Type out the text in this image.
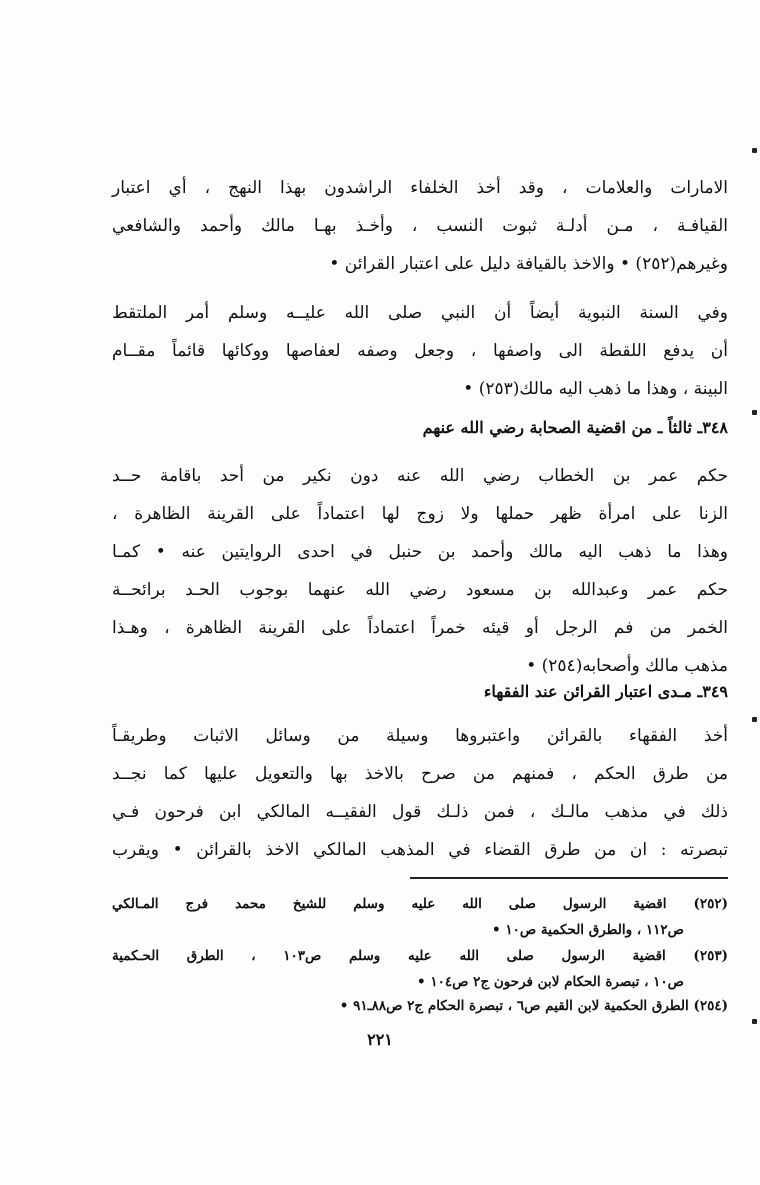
الامارات والعلامات ، وقد أخذ الخلفاء الراشدون بهذا النهج ، أي اعتبار
القيافـة ، مـن أدلـة ثبوت النسب ، وأخـذ بهـا مالك وأحمد والشافعي
وغيرهم(٢٥٢) • والاخذ بالقيافة دليل على اعتبار القرائن •
وفي السنة النبوية أيضاً أن النبي صلى الله عليــه وسلم أمر الملتقط
أن يدفع اللقطة الى واصفها ، وجعل وصفه لعفاصها ووكائها قائماً مقــام
البينة ، وهذا ما ذهب اليه مالك(٢٥٣) •
٣٤٨ـ ثالثاً ـ من اقضية الصحابة رضي الله عنهم
حكم عمر بن الخطاب رضي الله عنه دون نكير من أحد باقامة حــد
الزنا على امرأة ظهر حملها ولا زوج لها اعتماداً على القرينة الظاهرة ،
وهذا ما ذهب اليه مالك وأحمد بن حنبل في احدى الروايتين عنه • كمـا
حكم عمر وعبدالله بن مسعود رضي الله عنهما بوجوب الحـد برائحــة
الخمر من فم الرجل أو قيئه خمراً اعتماداً على القرينة الظاهرة ، وهـذا
مذهب مالك وأصحابه(٢٥٤) •
٣٤٩ـ مـدى اعتبار القرائن عند الفقهاء
أخذ الفقهاء بالقرائن واعتبروها وسيلة من وسائل الاثبات وطريقـاً
من طرق الحكم ، فمنهم من صرح بالاخذ بها والتعويل عليها كما نجــد
ذلك في مذهب مالـك ، فمن ذلـك قول الفقيــه المالكي ابن فرحون فـي
تبصرته : ان من طرق القضاء في المذهب المالكي الاخذ بالقرائن • ويقرب
(٢٥٢) اقضية الرسول صلى الله عليه وسلم للشيخ محمد فرج المـالكي
ص١١٢ ، والطرق الحكمية ص١٠ •
(٢٥٣) اقضية الرسول صلى الله عليه وسلم ص١٠٣ ، الطرق الحـكمية
ص١٠ ، تبصرة الحكام لابن فرحون ج٢ ص١٠٤ •
(٢٥٤) الطرق الحكمية لابن القيم ص٦ ، تبصرة الحكام ج٢ ص٨٨ـ٩١ •
٢٢١
